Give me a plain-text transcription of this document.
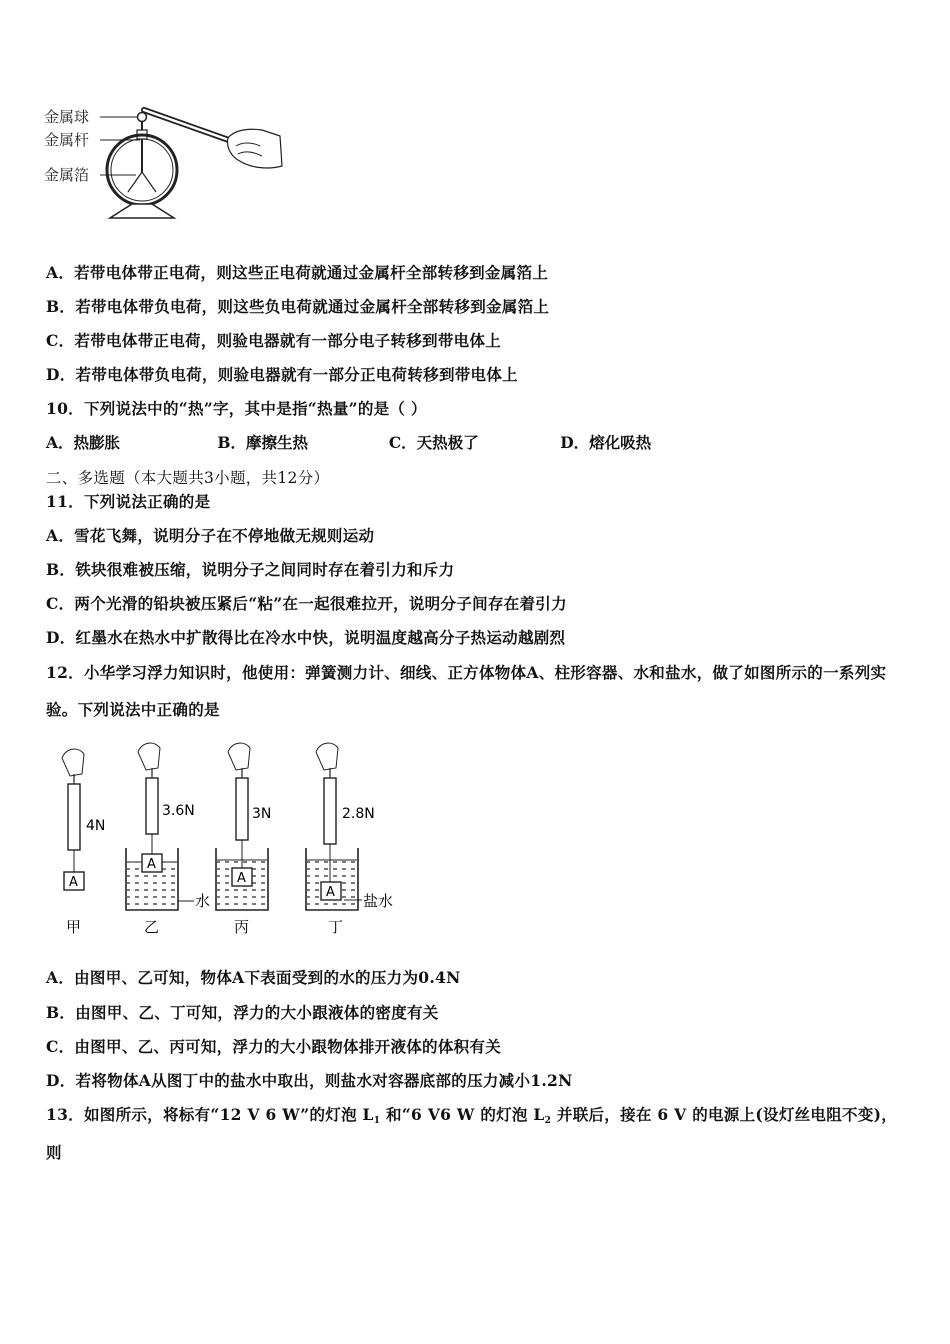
金属球
金属杆
金属箔
A．若带电体带正电荷，则这些正电荷就通过金属杆全部转移到金属箔上
B．若带电体带负电荷，则这些负电荷就通过金属杆全部转移到金属箔上
C．若带电体带正电荷，则验电器就有一部分电子转移到带电体上
D．若带电体带负电荷，则验电器就有一部分正电荷转移到带电体上
10．下列说法中的“热”字，其中是指“热量”的是（ ）
A．热膨胀	B．摩擦生热	C．天热极了	D．熔化吸热
二、多选题（本大题共3小题，共12分）
11．下列说法正确的是
A．雪花飞舞，说明分子在不停地做无规则运动
B．铁块很难被压缩，说明分子之间同时存在着引力和斥力
C．两个光滑的铅块被压紧后“粘”在一起很难拉开，说明分子间存在着引力
D．红墨水在热水中扩散得比在冷水中快，说明温度越高分子热运动越剧烈
12．小华学习浮力知识时，他使用：弹簧测力计、细线、正方体物体A、柱形容器、水和盐水，做了如图所示的一系列实
验。下列说法中正确的是
A
4N
甲
A
3.6N
乙
A
3N
丙
A
2.8N
丁
水	盐水
A．由图甲、乙可知，物体A下表面受到的水的压力为0.4N
B．由图甲、乙、丁可知，浮力的大小跟液体的密度有关
C．由图甲、乙、丙可知，浮力的大小跟物体排开液体的体积有关
D．若将物体A从图丁中的盐水中取出，则盐水对容器底部的压力减小1.2N
13．如图所示，将标有“12 V 6 W”的灯泡 $L_1$ 和“6 V6 W 的灯泡 $L_2$ 并联后，接在 6 V 的电源上(设灯丝电阻不变)，
则
